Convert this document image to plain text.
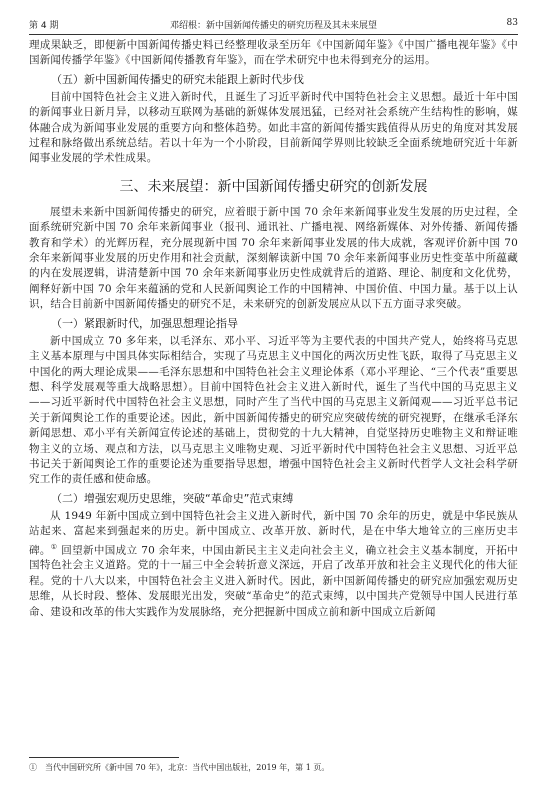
第 4 期	邓绍根：新中国新闻传播史的研究历程及其未来展望	83

理成果缺乏，即便新中国新闻传播史料已经整理收录至历年《中国新闻年鉴》《中国广播电视年鉴》《中国新闻传播学年鉴》《中国新闻传播教育年鉴》，而在学术研究中也未得到充分的运用。

（五）新中国新闻传播史的研究未能跟上新时代步伐

目前中国特色社会主义进入新时代，且诞生了习近平新时代中国特色社会主义思想。最近十年中国的新闻事业日新月异，以移动互联网为基础的新媒体发展迅猛，已经对社会系统产生结构性的影响，媒体融合成为新闻事业发展的重要方向和整体趋势。如此丰富的新闻传播实践值得从历史的角度对其发展过程和脉络做出系统总结。若以十年为一个小阶段，目前新闻学界则比较缺乏全面系统地研究近十年新闻事业发展的学术性成果。

三、未来展望：新中国新闻传播史研究的创新发展

展望未来新中国新闻传播史的研究，应着眼于新中国 70 余年来新闻事业发生发展的历史过程，全面系统研究新中国 70 余年来新闻事业（报刊、通讯社、广播电视、网络新媒体、对外传播、新闻传播教育和学术）的光辉历程，充分展现新中国 70 余年来新闻事业发展的伟大成就，客观评价新中国 70 余年来新闻事业发展的历史作用和社会贡献，深刻解读新中国 70 余年来新闻事业历史性变革中所蕴藏的内在发展逻辑，讲清楚新中国 70 余年来新闻事业历史性成就背后的道路、理论、制度和文化优势，阐释好新中国 70 余年来蕴涵的党和人民新闻舆论工作的中国精神、中国价值、中国力量。基于以上认识，结合目前新中国新闻传播史的研究不足，未来研究的创新发展应从以下五方面寻求突破。

（一）紧跟新时代，加强思想理论指导

新中国成立 70 多年来，以毛泽东、邓小平、习近平等为主要代表的中国共产党人，始终将马克思主义基本原理与中国具体实际相结合，实现了马克思主义中国化的两次历史性飞跃，取得了马克思主义中国化的两大理论成果——毛泽东思想和中国特色社会主义理论体系（邓小平理论、“三个代表”重要思想、科学发展观等重大战略思想）。目前中国特色社会主义进入新时代，诞生了当代中国的马克思主义——习近平新时代中国特色社会主义思想，同时产生了当代中国的马克思主义新闻观——习近平总书记关于新闻舆论工作的重要论述。因此，新中国新闻传播史的研究应突破传统的研究视野，在继承毛泽东新闻思想、邓小平有关新闻宣传论述的基础上，贯彻党的十九大精神，自觉坚持历史唯物主义和辩证唯物主义的立场、观点和方法，以马克思主义唯物史观、习近平新时代中国特色社会主义思想、习近平总书记关于新闻舆论工作的重要论述为重要指导思想，增强中国特色社会主义新时代哲学人文社会科学研究工作的责任感和使命感。

（二）增强宏观历史思维，突破“革命史”范式束缚

从 1949 年新中国成立到中国特色社会主义进入新时代，新中国 70 余年的历史，就是中华民族从站起来、富起来到强起来的历史。新中国成立、改革开放、新时代，是在中华大地耸立的三座历史丰碑。① 回望新中国成立 70 余年来，中国由新民主主义走向社会主义，确立社会主义基本制度，开拓中国特色社会主义道路。党的十一届三中全会转折意义深远，开启了改革开放和社会主义现代化的伟大征程。党的十八大以来，中国特色社会主义进入新时代。因此，新中国新闻传播史的研究应加强宏观历史思维，从长时段、整体、发展眼光出发，突破“革命史”的范式束缚，以中国共产党领导中国人民进行革命、建设和改革的伟大实践作为发展脉络，充分把握新中国成立前和新中国成立后新闻

①　当代中国研究所《新中国 70 年》，北京：当代中国出版社，2019 年，第 1 页。
